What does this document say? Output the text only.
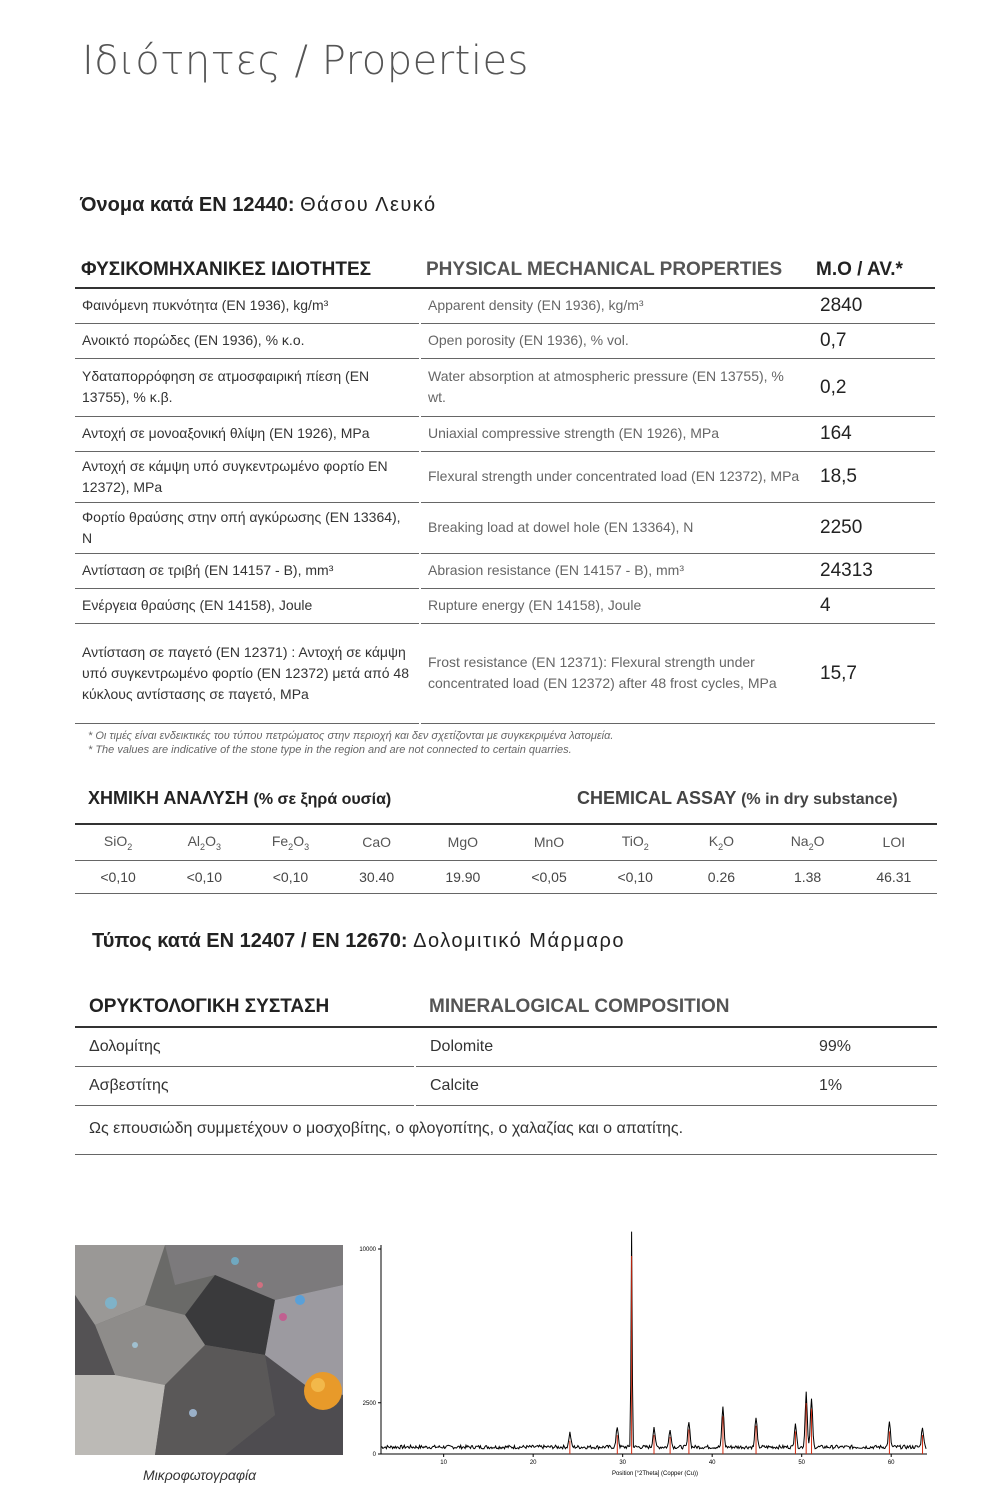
Ιδιότητες / Properties
Όνομα κατά EN 12440: Θάσου Λευκό
ΦΥΣΙΚΟΜΗΧΑΝΙΚΕΣ ΙΔΙΟΤΗΤΕΣ	PHYSICAL MECHANICAL PROPERTIES	M.O / AV.*
Φαινόμενη πυκνότητα (EN 1936), kg/m³	Apparent density (EN 1936), kg/m³	2840
Ανοικτό πορώδες (EN 1936), % κ.ο.	Open porosity (EN 1936), % vol.	0,7
Υδαταπορρόφηση σε ατμοσφαιρική πίεση (EN 13755), % κ.β.	Water absorption at atmospheric pressure (EN 13755), % wt.	0,2
Αντοχή σε μονοαξονική θλίψη (EN 1926), MPa	Uniaxial compressive strength (EN 1926), MPa	164
Αντοχή σε κάμψη υπό συγκεντρωμένο φορτίο EN 12372), MPa	Flexural strength under concentrated load (EN 12372), MPa	18,5
Φορτίο θραύσης στην οπή αγκύρωσης (EN 13364), N	Breaking load at dowel hole (EN 13364), N	2250
Αντίσταση σε τριβή (EN 14157 - B), mm³	Abrasion resistance (EN 14157 - B), mm³	24313
Ενέργεια θραύσης (EN 14158), Joule	Rupture energy (EN 14158), Joule	4
Αντίσταση σε παγετό (EN 12371) : Αντοχή σε κάμψη υπό συγκεντρωμένο φορτίο (EN 12372) μετά από 48 κύκλους αντίστασης σε παγετό, MPa	Frost resistance (EN 12371): Flexural strength under concentrated load (EN 12372) after 48 frost cycles, MPa	15,7
* Οι τιμές είναι ενδεικτικές του τύπου πετρώματος στην περιοχή και δεν σχετίζονται με συγκεκριμένα λατομεία.
* The values are indicative of the stone type in the region and are not connected to certain quarries.
ΧΗΜΙΚΗ ΑΝΑΛΥΣΗ (% σε ξηρά ουσία)	CHEMICAL ASSAY (% in dry substance)
SiO$_2$	$Al_2O_3$	$Fe_2O_3$	CaO	MgO	MnO	TiO$_2$	$K_2O$	$Na_2O$	LOI
<0,10	<0,10	<0,10	30.40	19.90	<0,05	<0,10	0.26	1.38	46.31
Τύπος κατά EN 12407 / EN 12670: Δολομιτικό Μάρμαρο
ΟΡΥΚΤΟΛΟΓΙΚΗ ΣΥΣΤΑΣΗ	MINERALOGICAL COMPOSITION	
Δολομίτης	Dolomite	99%
Ασβεστίτης	Calcite	1%
Ως επουσιώδη συμμετέχουν ο μοσχοβίτης, ο φλογοπίτης, ο χαλαζίας και ο απατίτης.		
Μικροφωτογραφία
0
2500
10000
10	20	30	40	50	60
Position [°2Theta] (Copper (Cu))
